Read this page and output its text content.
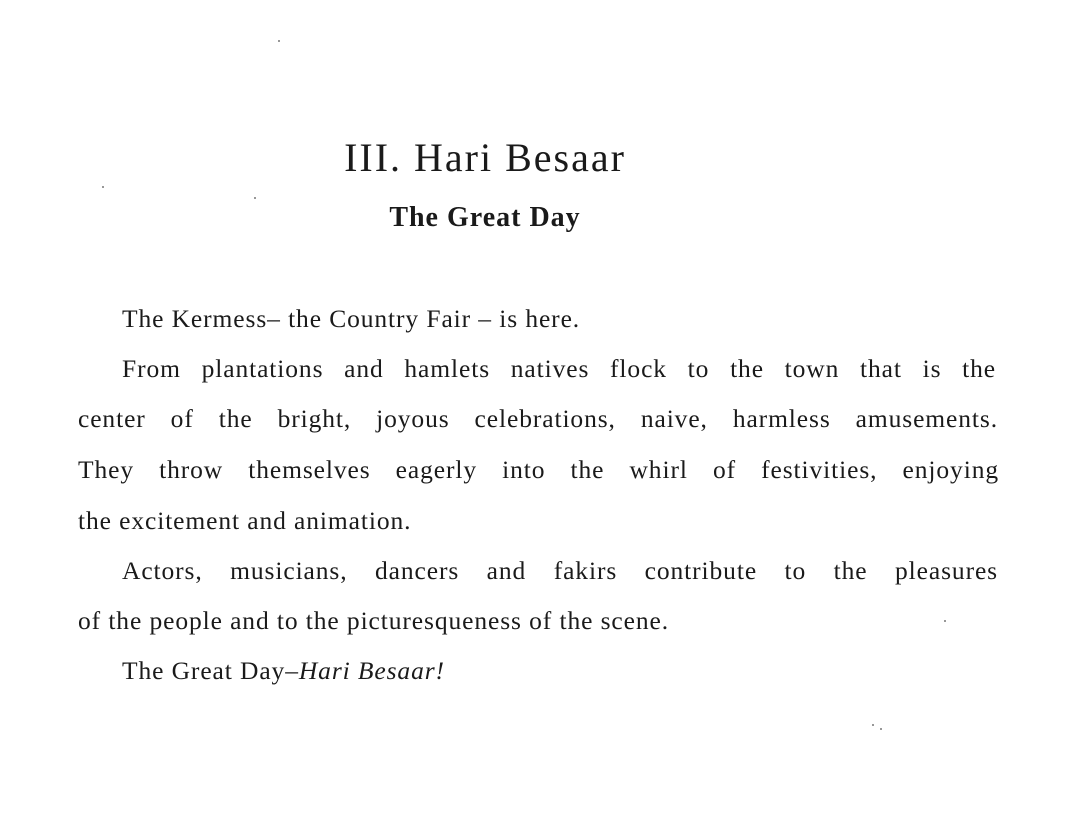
III. Hari Besaar
The Great Day

The Kermess– the Country Fair – is here.

From plantations and hamlets natives flock to the town that is the

center of the bright, joyous celebrations, naive, harmless amusements.

They throw themselves eagerly into the whirl of festivities, enjoying

the excitement and animation.

Actors, musicians, dancers and fakirs contribute to the pleasures

of the people and to the picturesqueness of the scene.

The Great Day–Hari Besaar!
